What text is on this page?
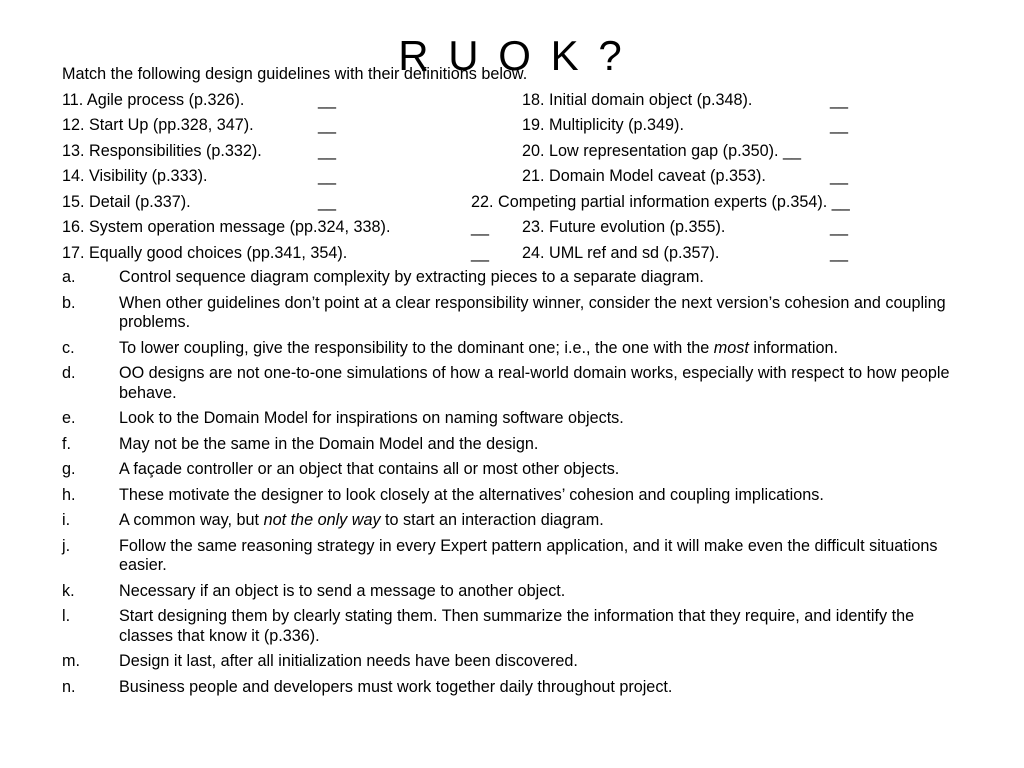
R U O K ?
Match the following design guidelines with their definitions below.
11. Agile process (p.326).	__	18. Initial domain object (p.348).	__
12. Start Up (pp.328, 347).	__	19. Multiplicity (p.349).	__
13. Responsibilities (p.332).	__	20. Low representation gap (p.350). __
14. Visibility (p.333).	__	21. Domain Model caveat (p.353).	__
15. Detail (p.337).	__	22. Competing partial information experts (p.354). __
16. System operation message (pp.324, 338).	__ 23. Future evolution (p.355).	__
17. Equally good choices (pp.341, 354).	__ 24. UML ref and sd (p.357).	__
a.	Control sequence diagram complexity by extracting pieces to a separate diagram.
b.	When other guidelines don’t point at a clear responsibility winner, consider the next version’s cohesion and coupling problems.
c.	To lower coupling, give the responsibility to the dominant one; i.e., the one with the most information.
d.	OO designs are not one-to-one simulations of how a real-world domain works, especially with respect to how people behave.
e.	Look to the Domain Model for inspirations on naming software objects.
f.	May not be the same in the Domain Model and the design.
g.	A façade controller or an object that contains all or most other objects.
h.	These motivate the designer to look closely at the alternatives’ cohesion and coupling implications.
i.	A common way, but not the only way to start an interaction diagram.
j.	Follow the same reasoning strategy in every Expert pattern application, and it will make even the difficult situations easier.
k.	Necessary if an object is to send a message to another object.
l.	Start designing them by clearly stating them. Then summarize the information that they require, and identify the classes that know it (p.336).
m. Design it last, after all initialization needs have been discovered.
n.	Business people and developers must work together daily throughout project.
